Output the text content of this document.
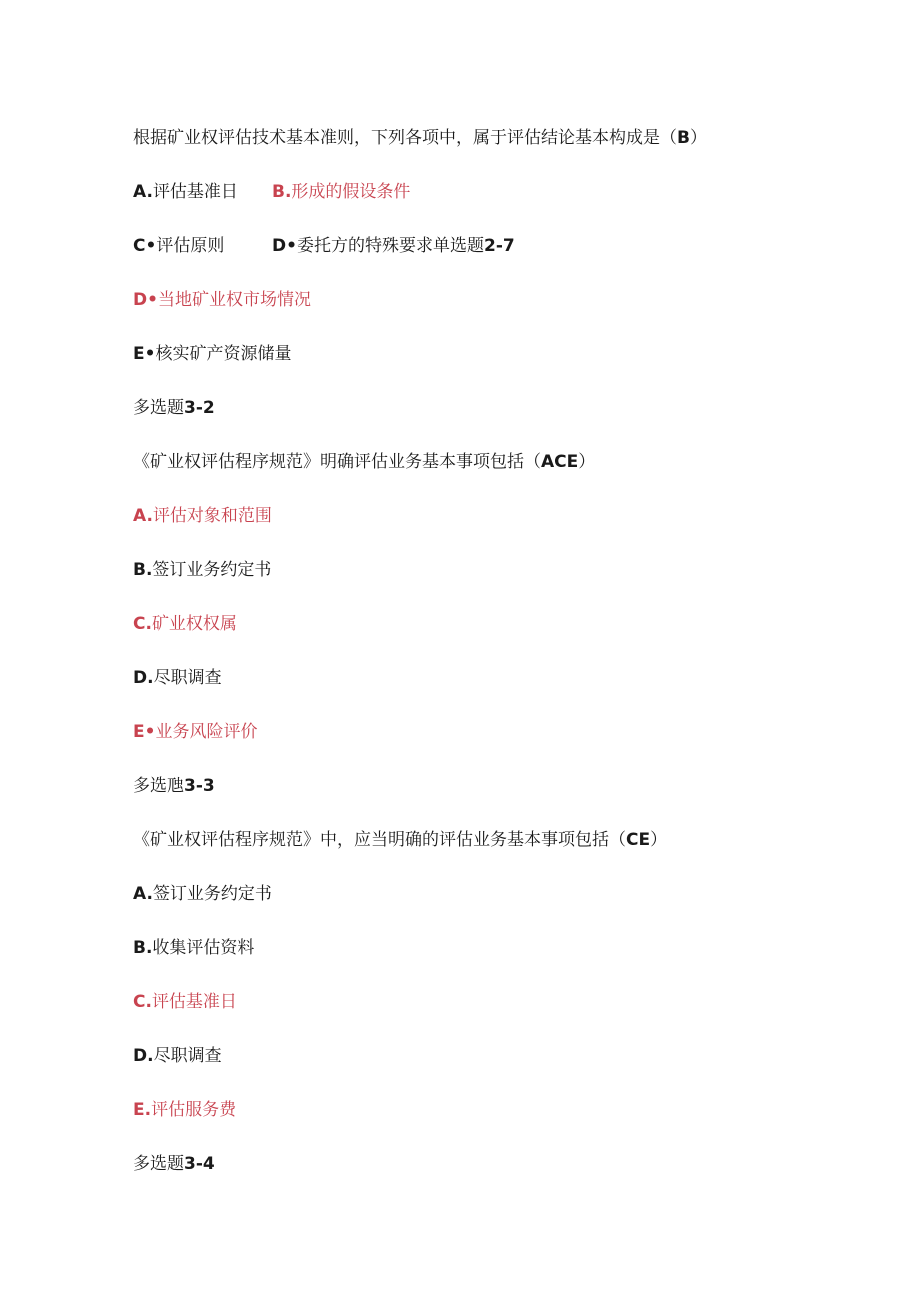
根据矿业权评估技术基本准则，下列各项中，属于评估结论基本构成是（B）
A.评估基准日 B.形成的假设条件
C•评估原则	D•委托方的特殊要求单选题2-7
D•当地矿业权市场情况
E•核实矿产资源储量
多选题3-2
《矿业权评估程序规范》明确评估业务基本事项包括（ACE）
A.评估对象和范围
B.签订业务约定书
C.矿业权权属
D.尽职调查
E•业务风险评价
多选虺3-3
《矿业权评估程序规范》中，应当明确的评估业务基本事项包括（CE）
A.签订业务约定书
B.收集评估资料
C.评估基准日
D.尽职调查
E.评估服务费
多选题3-4
